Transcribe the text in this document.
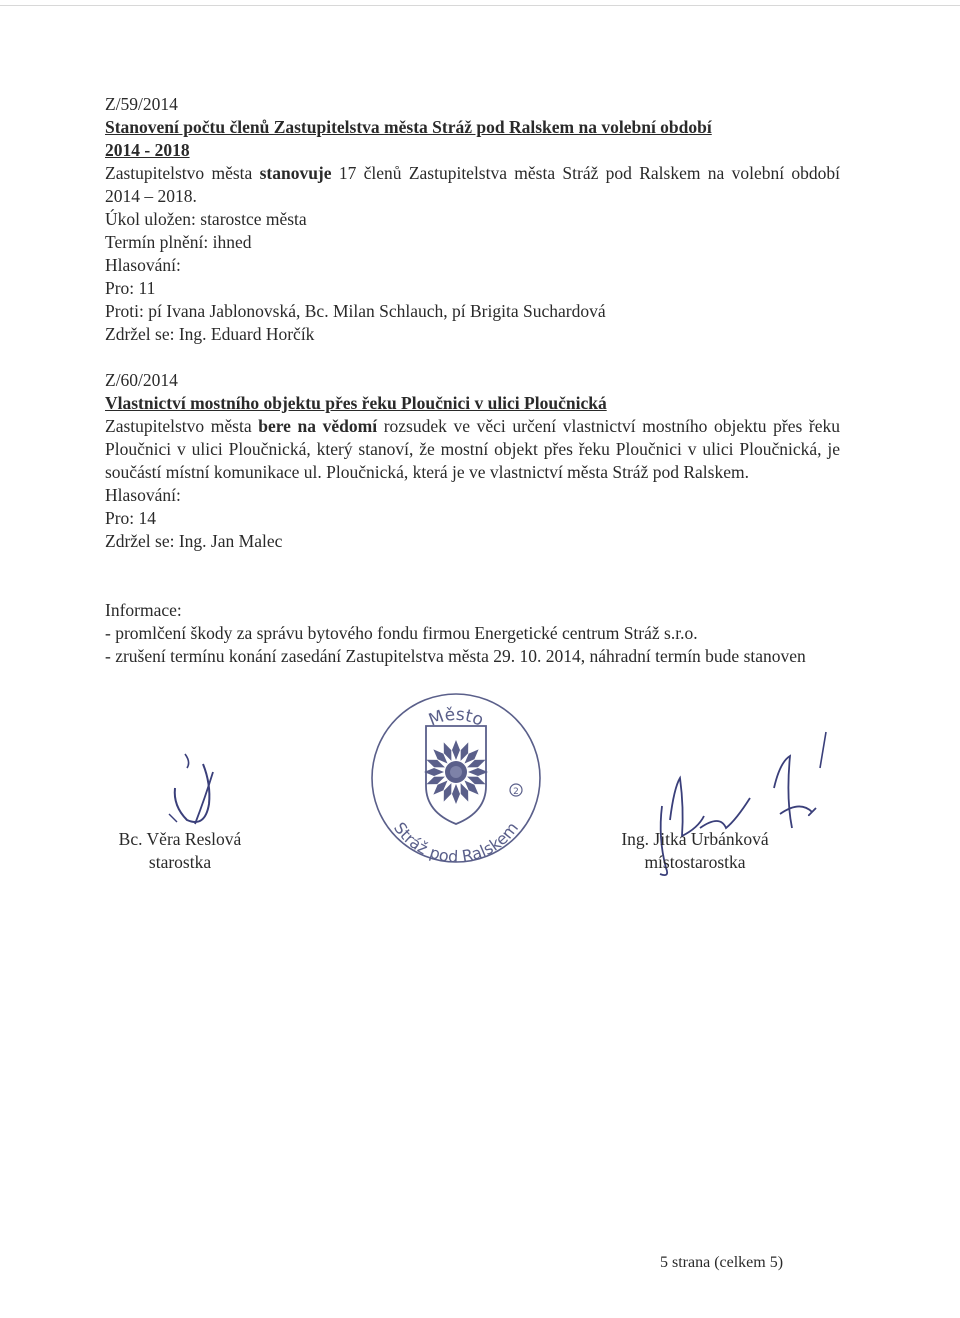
Z/59/2014

Stanovení počtu členů Zastupitelstva města Stráž pod Ralskem na volební období
2014 - 2018

Zastupitelstvo města stanovuje 17 členů Zastupitelstva města Stráž pod Ralskem na volební období 2014 – 2018.

Úkol uložen: starostce města

Termín plnění: ihned

Hlasování:

Pro: 11

Proti: pí Ivana Jablonovská, Bc. Milan Schlauch, pí Brigita Suchardová

Zdržel se: Ing. Eduard Horčík

Z/60/2014

Vlastnictví mostního objektu přes řeku Ploučnici v ulici Ploučnická

Zastupitelstvo města bere na vědomí rozsudek ve věci určení vlastnictví mostního objektu přes řeku Ploučnici v ulici Ploučnická, který stanoví, že mostní objekt přes řeku Ploučnici v ulici Ploučnická, je součástí místní komunikace ul. Ploučnická, která je ve vlastnictví města Stráž pod Ralskem.

Hlasování:

Pro: 14

Zdržel se: Ing. Jan Malec

Informace:

- promlčení škody za správu bytového fondu firmou Energetické centrum Stráž s.r.o.

- zrušení termínu konání zasedání Zastupitelstva města 29. 10. 2014, náhradní termín bude stanoven

Město
Stráž pod Ralskem
2
Bc. Věra Reslová
starostka
Ing. Jitka Urbánková
místostarostka
5 strana (celkem 5)
